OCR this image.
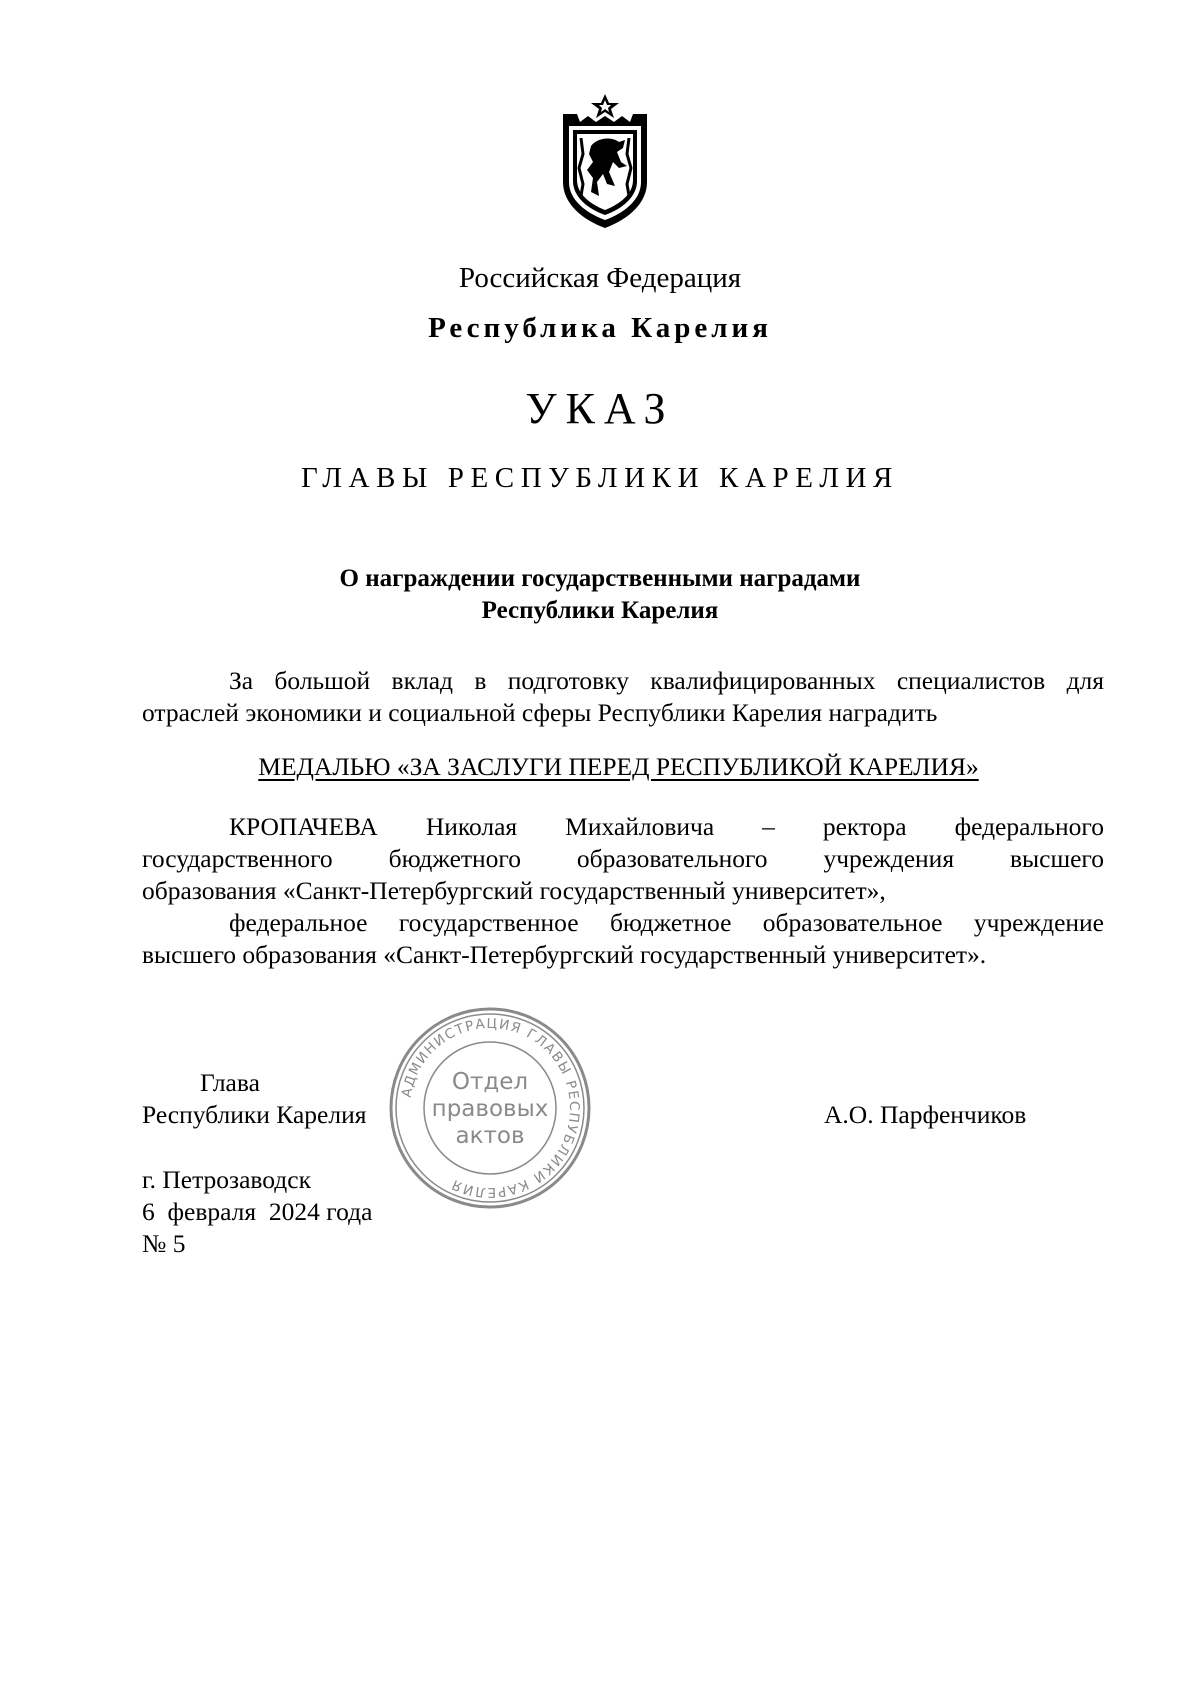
Российская Федерация
Республика Карелия
УКАЗ
ГЛАВЫ РЕСПУБЛИКИ КАРЕЛИЯ
О награждении государственными наградами
Республики Карелия
За большой вклад в подготовку квалифицированных специалистов для
отраслей экономики и социальной сферы Республики Карелия наградить
МЕДАЛЬЮ «ЗА ЗАСЛУГИ ПЕРЕД РЕСПУБЛИКОЙ КАРЕЛИЯ»
КРОПАЧЕВА Николая Михайловича – ректора федерального
государственного бюджетного образовательного учреждения высшего
образования «Санкт-Петербургский государственный университет»,
федеральное государственное бюджетное образовательное учреждение
высшего образования «Санкт-Петербургский государственный университет».
АДМИНИСТРАЦИЯ ГЛАВЫ РЕСПУБЛИКИ КАРЕЛИЯ
Отдел
правовых
актов
Глава
Республики Карелия	А.О. Парфенчиков
г. Петрозаводск
6  февраля  2024 года
№ 5
